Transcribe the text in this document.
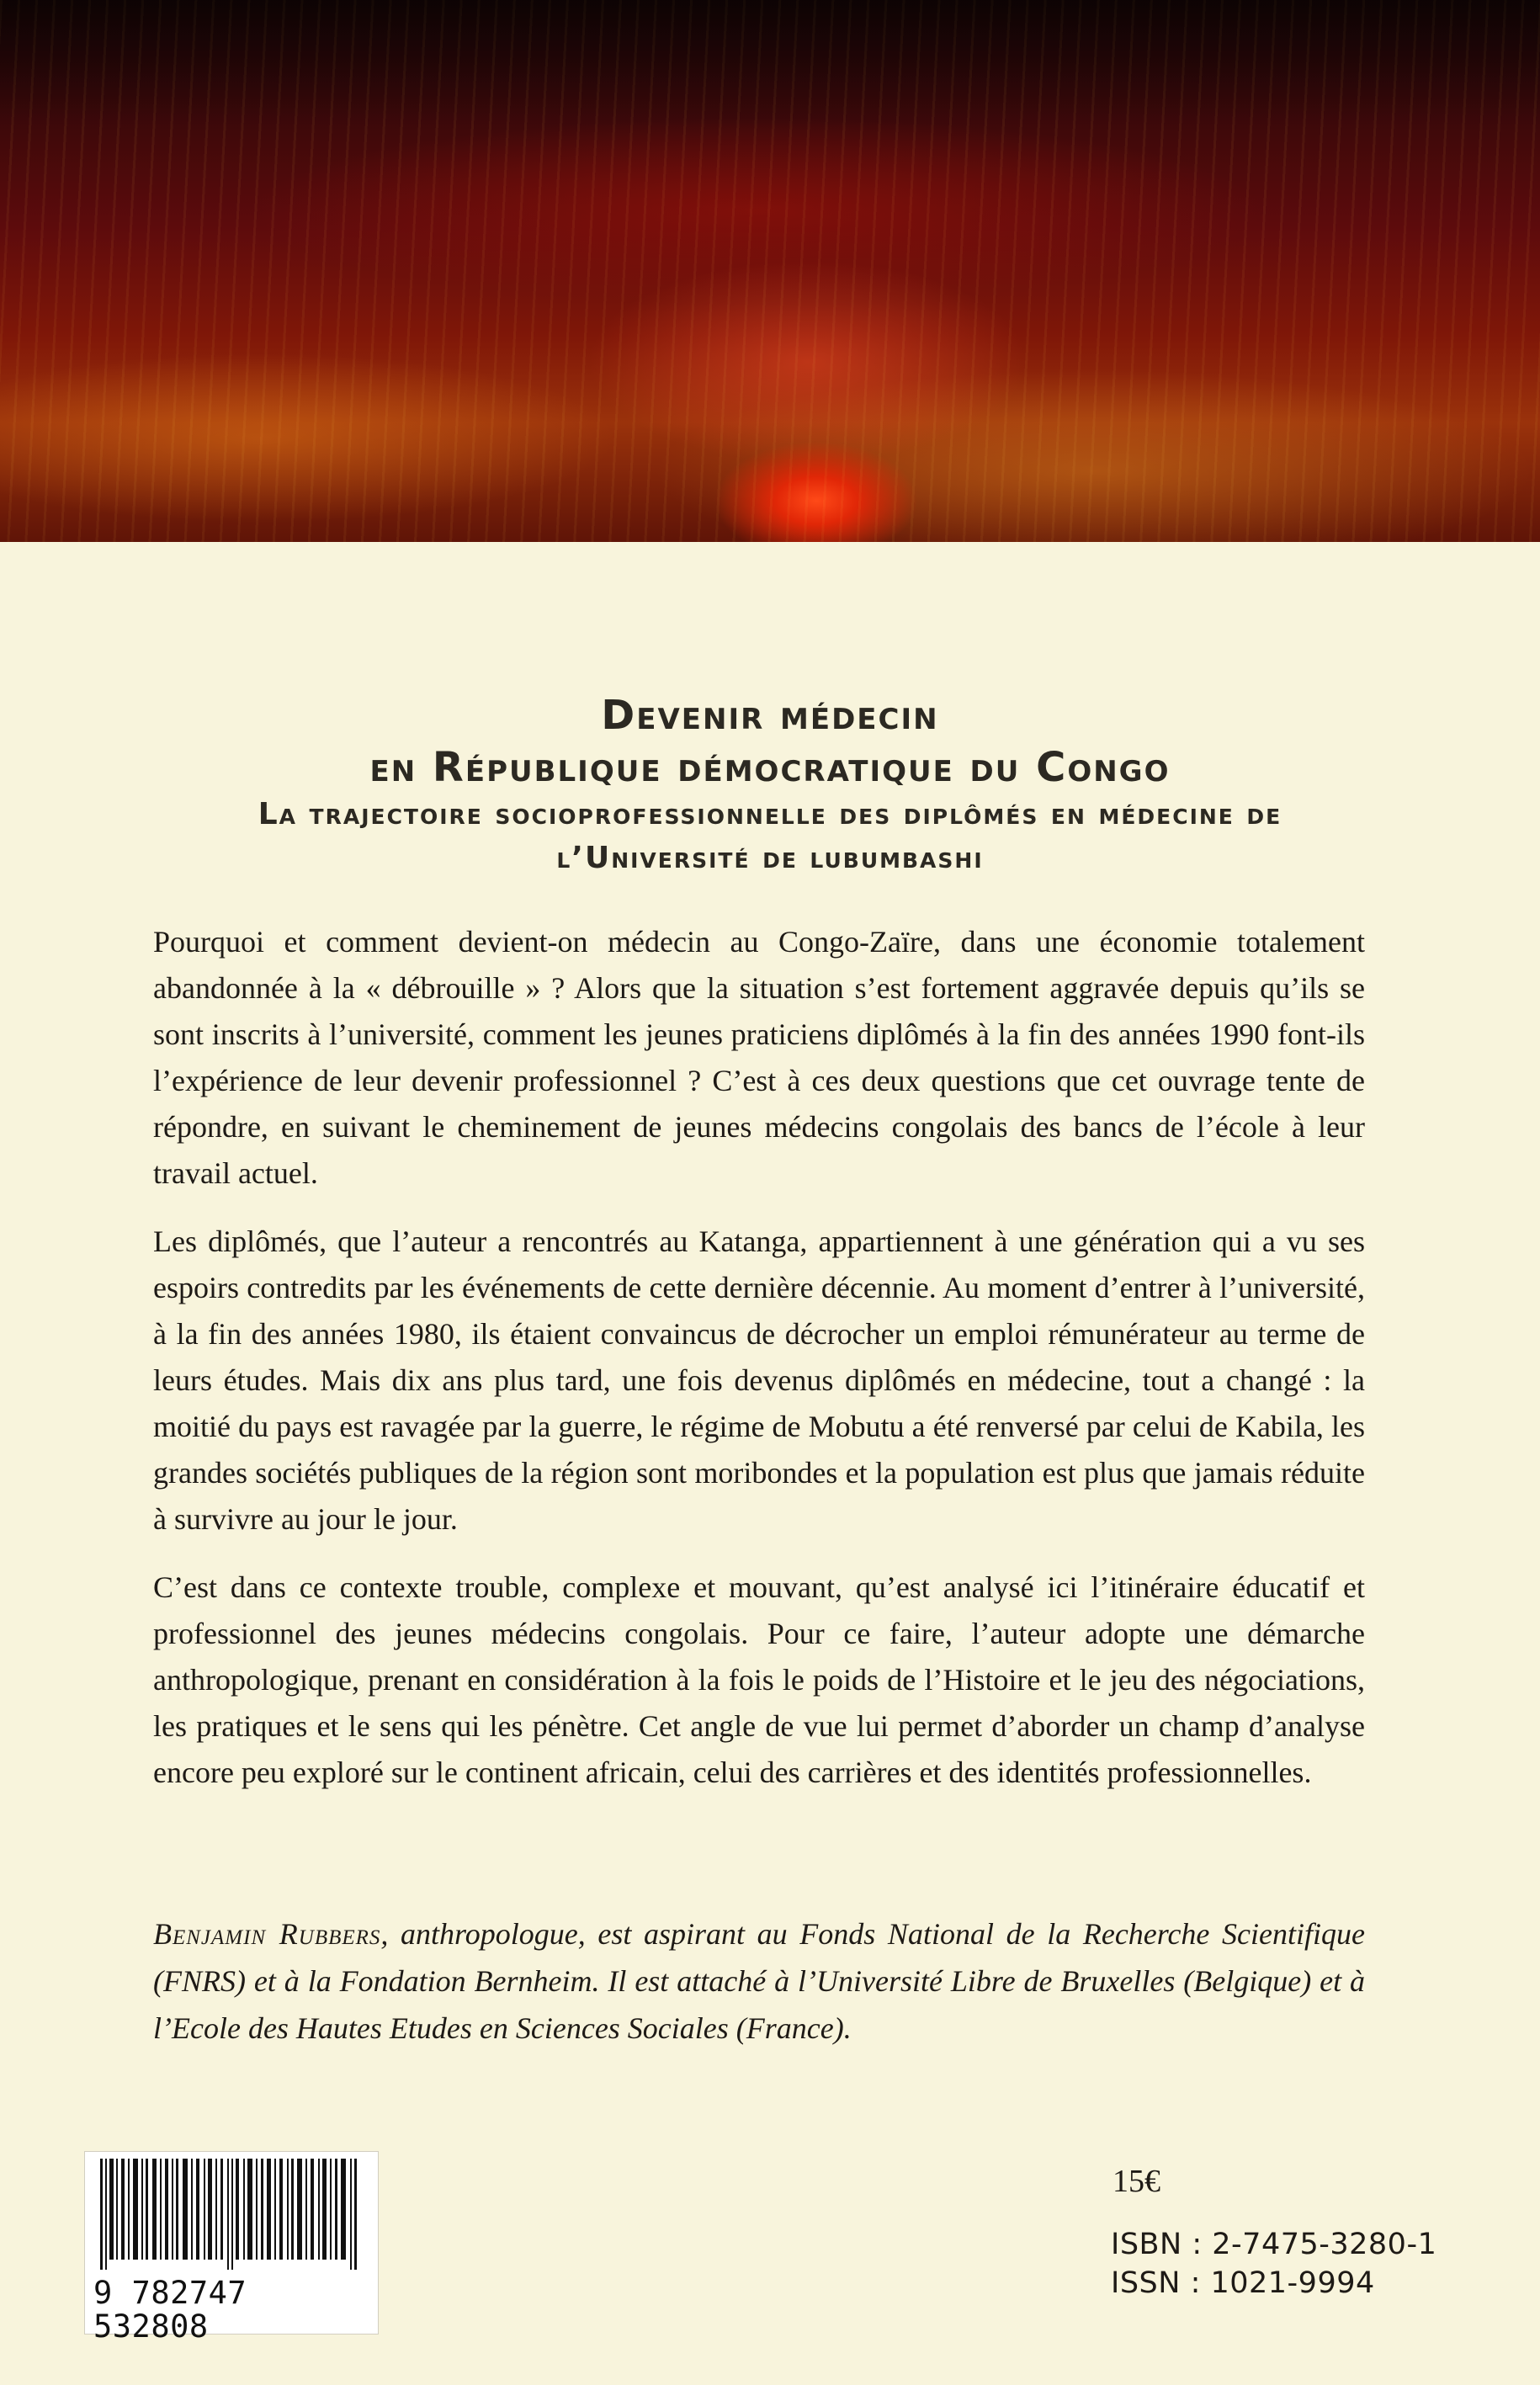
Devenir médecin
en République démocratique du Congo
La trajectoire socioprofessionnelle des diplômés en médecine de
l’Université de lubumbashi

Pourquoi et comment devient-on médecin au Congo-Zaïre, dans une économie totalement abandonnée à la « débrouille » ? Alors que la situation s’est fortement aggravée depuis qu’ils se sont inscrits à l’université, comment les jeunes praticiens diplômés à la fin des années 1990 font-ils l’expérience de leur devenir professionnel ? C’est à ces deux questions que cet ouvrage tente de répondre, en suivant le cheminement de jeunes médecins congolais des bancs de l’école à leur travail actuel.

Les diplômés, que l’auteur a rencontrés au Katanga, appartiennent à une génération qui a vu ses espoirs contredits par les événements de cette dernière décennie. Au moment d’entrer à l’université, à la fin des années 1980, ils étaient convaincus de décrocher un emploi rémunérateur au terme de leurs études. Mais dix ans plus tard, une fois devenus diplômés en médecine, tout a changé : la moitié du pays est ravagée par la guerre, le régime de Mobutu a été renversé par celui de Kabila, les grandes sociétés publiques de la région sont moribondes et la population est plus que jamais réduite à survivre au jour le jour.

C’est dans ce contexte trouble, complexe et mouvant, qu’est analysé ici l’itinéraire éducatif et professionnel des jeunes médecins congolais. Pour ce faire, l’auteur adopte une démarche anthropologique, prenant en considération à la fois le poids de l’Histoire et le jeu des négociations, les pratiques et le sens qui les pénètre. Cet angle de vue lui permet d’aborder un champ d’analyse encore peu exploré sur le continent africain, celui des carrières et des identités professionnelles.

Benjamin Rubbers, anthropologue, est aspirant au Fonds National de la Recherche Scientifique (FNRS) et à la Fondation Bernheim. Il est attaché à l’Université Libre de Bruxelles (Belgique) et à l’Ecole des Hautes Etudes en Sciences Sociales (France).
9 782747 532808
15€
ISBN : 2-7475-3280-1
ISSN : 1021-9994
